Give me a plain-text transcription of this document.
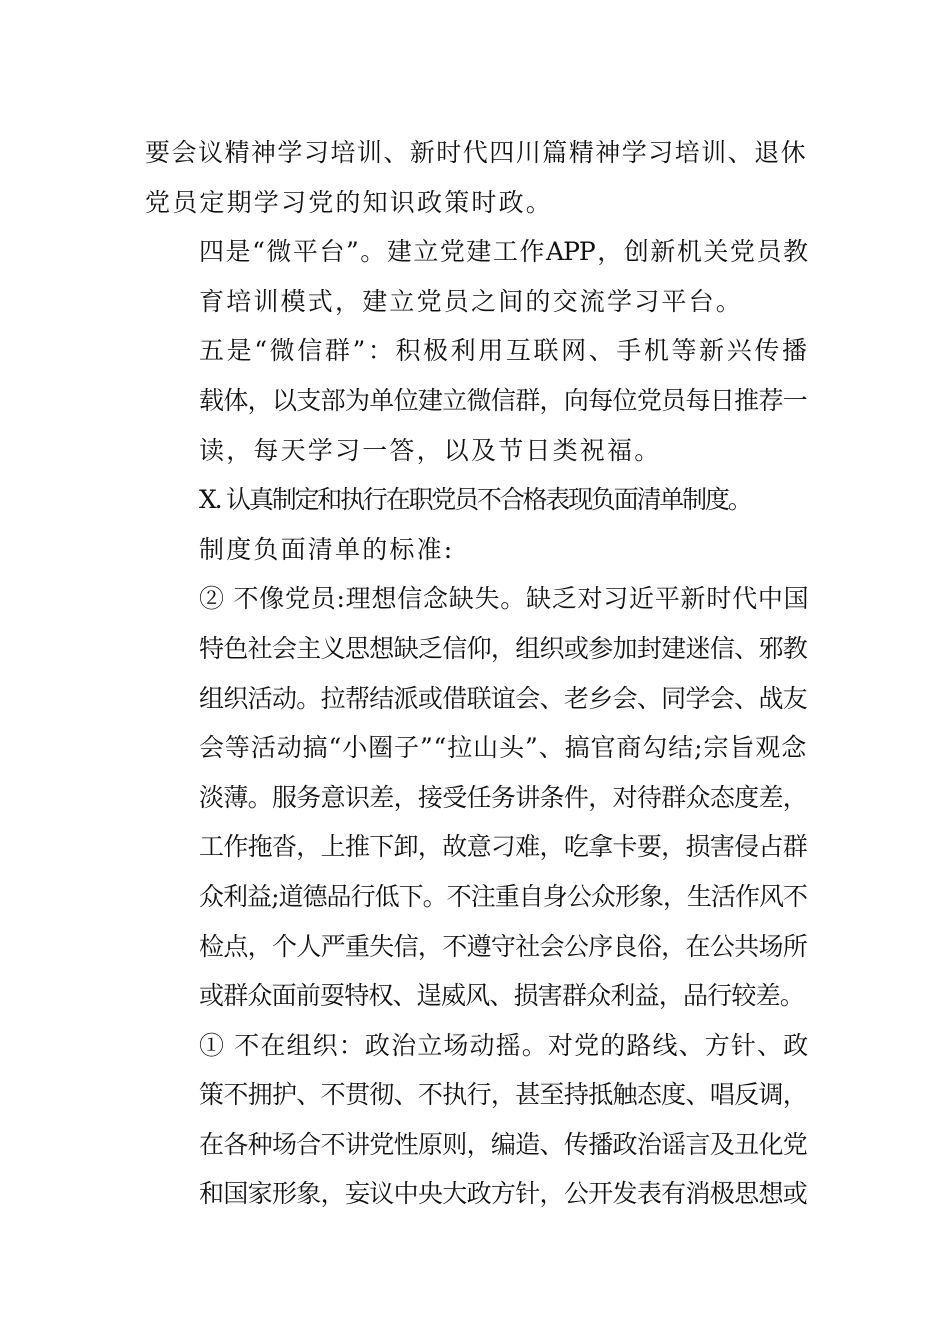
要会议精神学习培训、新时代四川篇精神学习培训、退休
党员定期学习党的知识政策时政。

四是“微平台”。建立党建工作APP，创新机关党员教
育培训模式，建立党员之间的交流学习平台。

五是“微信群”：积极利用互联网、手机等新兴传播
载体，以支部为单位建立微信群，向每位党员每日推荐一
读，每天学习一答，以及节日类祝福。

X. 认真制定和执行在职党员不合格表现负面清单制度。

制度负面清单的标准:

② 不像党员:理想信念缺失。缺乏对习近平新时代中国
特色社会主义思想缺乏信仰，组织或参加封建迷信、邪教
组织活动。拉帮结派或借联谊会、老乡会、同学会、战友
会等活动搞“小圈子”“拉山头”、搞官商勾结;宗旨观念
淡薄。服务意识差，接受任务讲条件，对待群众态度差，
工作拖沓，上推下卸，故意刁难，吃拿卡要，损害侵占群
众利益;道德品行低下。不注重自身公众形象，生活作风不
检点，个人严重失信，不遵守社会公序良俗，在公共场所
或群众面前耍特权、逞威风、损害群众利益，品行较差。

① 不在组织：政治立场动摇。对党的路线、方针、政
策不拥护、不贯彻、不执行，甚至持抵触态度、唱反调，
在各种场合不讲党性原则，编造、传播政治谣言及丑化党
和国家形象，妄议中央大政方针，公开发表有消极思想或
